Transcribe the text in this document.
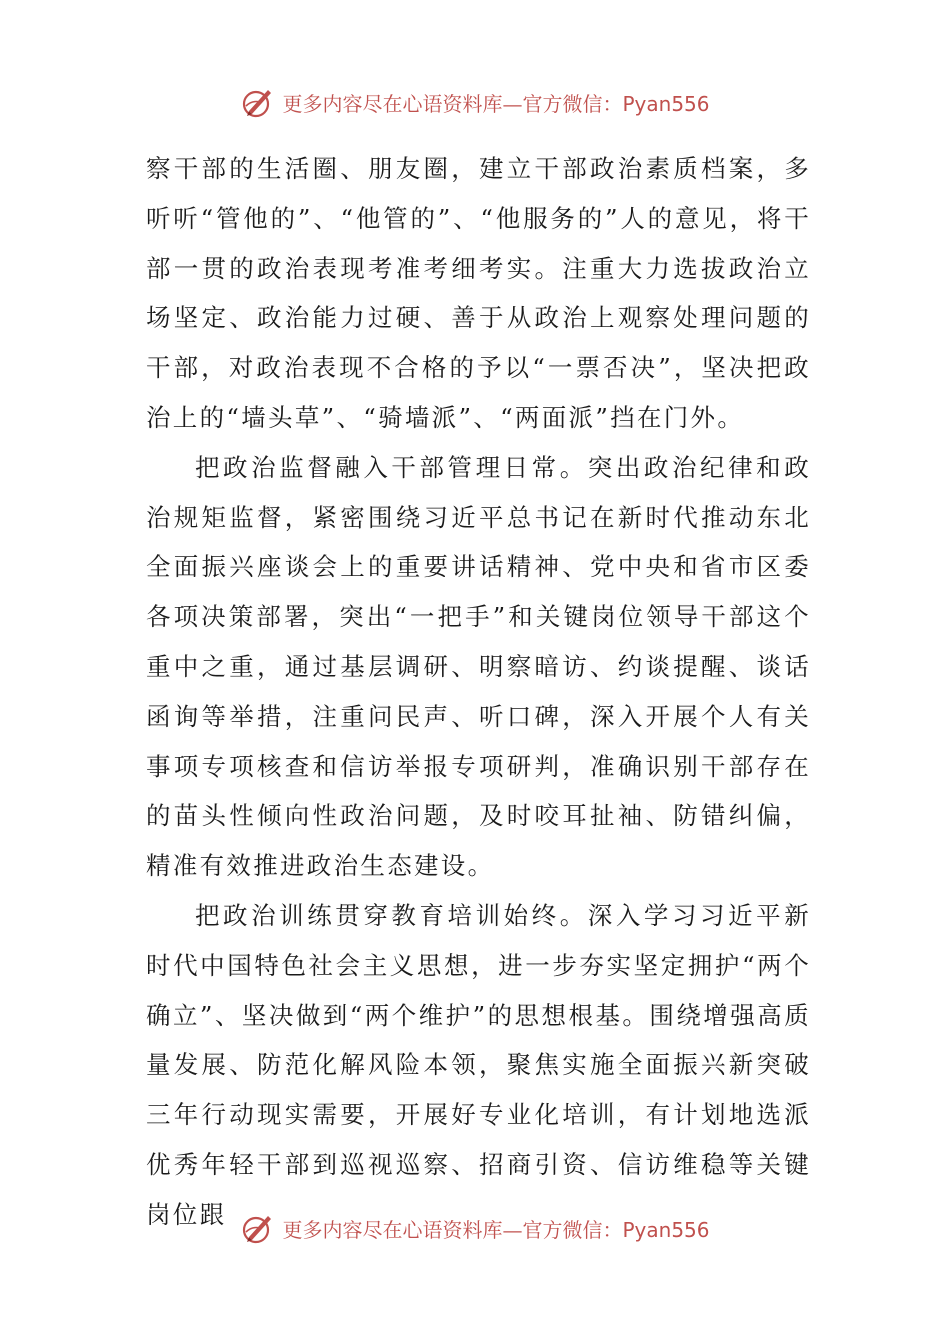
更多内容尽在心语资料库—官方微信：Pyan556

察干部的生活圈、朋友圈，建立干部政治素质档案，多听听“管他的”、“他管的”、“他服务的”人的意见，将干部一贯的政治表现考准考细考实。注重大力选拔政治立场坚定、政治能力过硬、善于从政治上观察处理问题的干部，对政治表现不合格的予以“一票否决”，坚决把政治上的“墙头草”、“骑墙派”、“两面派”挡在门外。

把政治监督融入干部管理日常。突出政治纪律和政治规矩监督，紧密围绕习近平总书记在新时代推动东北全面振兴座谈会上的重要讲话精神、党中央和省市区委各项决策部署，突出“一把手”和关键岗位领导干部这个重中之重，通过基层调研、明察暗访、约谈提醒、谈话函询等举措，注重问民声、听口碑，深入开展个人有关事项专项核查和信访举报专项研判，准确识别干部存在的苗头性倾向性政治问题，及时咬耳扯袖、防错纠偏，精准有效推进政治生态建设。

把政治训练贯穿教育培训始终。深入学习习近平新时代中国特色社会主义思想，进一步夯实坚定拥护“两个确立”、坚决做到“两个维护”的思想根基。围绕增强高质量发展、防范化解风险本领，聚焦实施全面振兴新突破三年行动现实需要，开展好专业化培训，有计划地选派优秀年轻干部到巡视巡察、招商引资、信访维稳等关键岗位跟

更多内容尽在心语资料库—官方微信：Pyan556
